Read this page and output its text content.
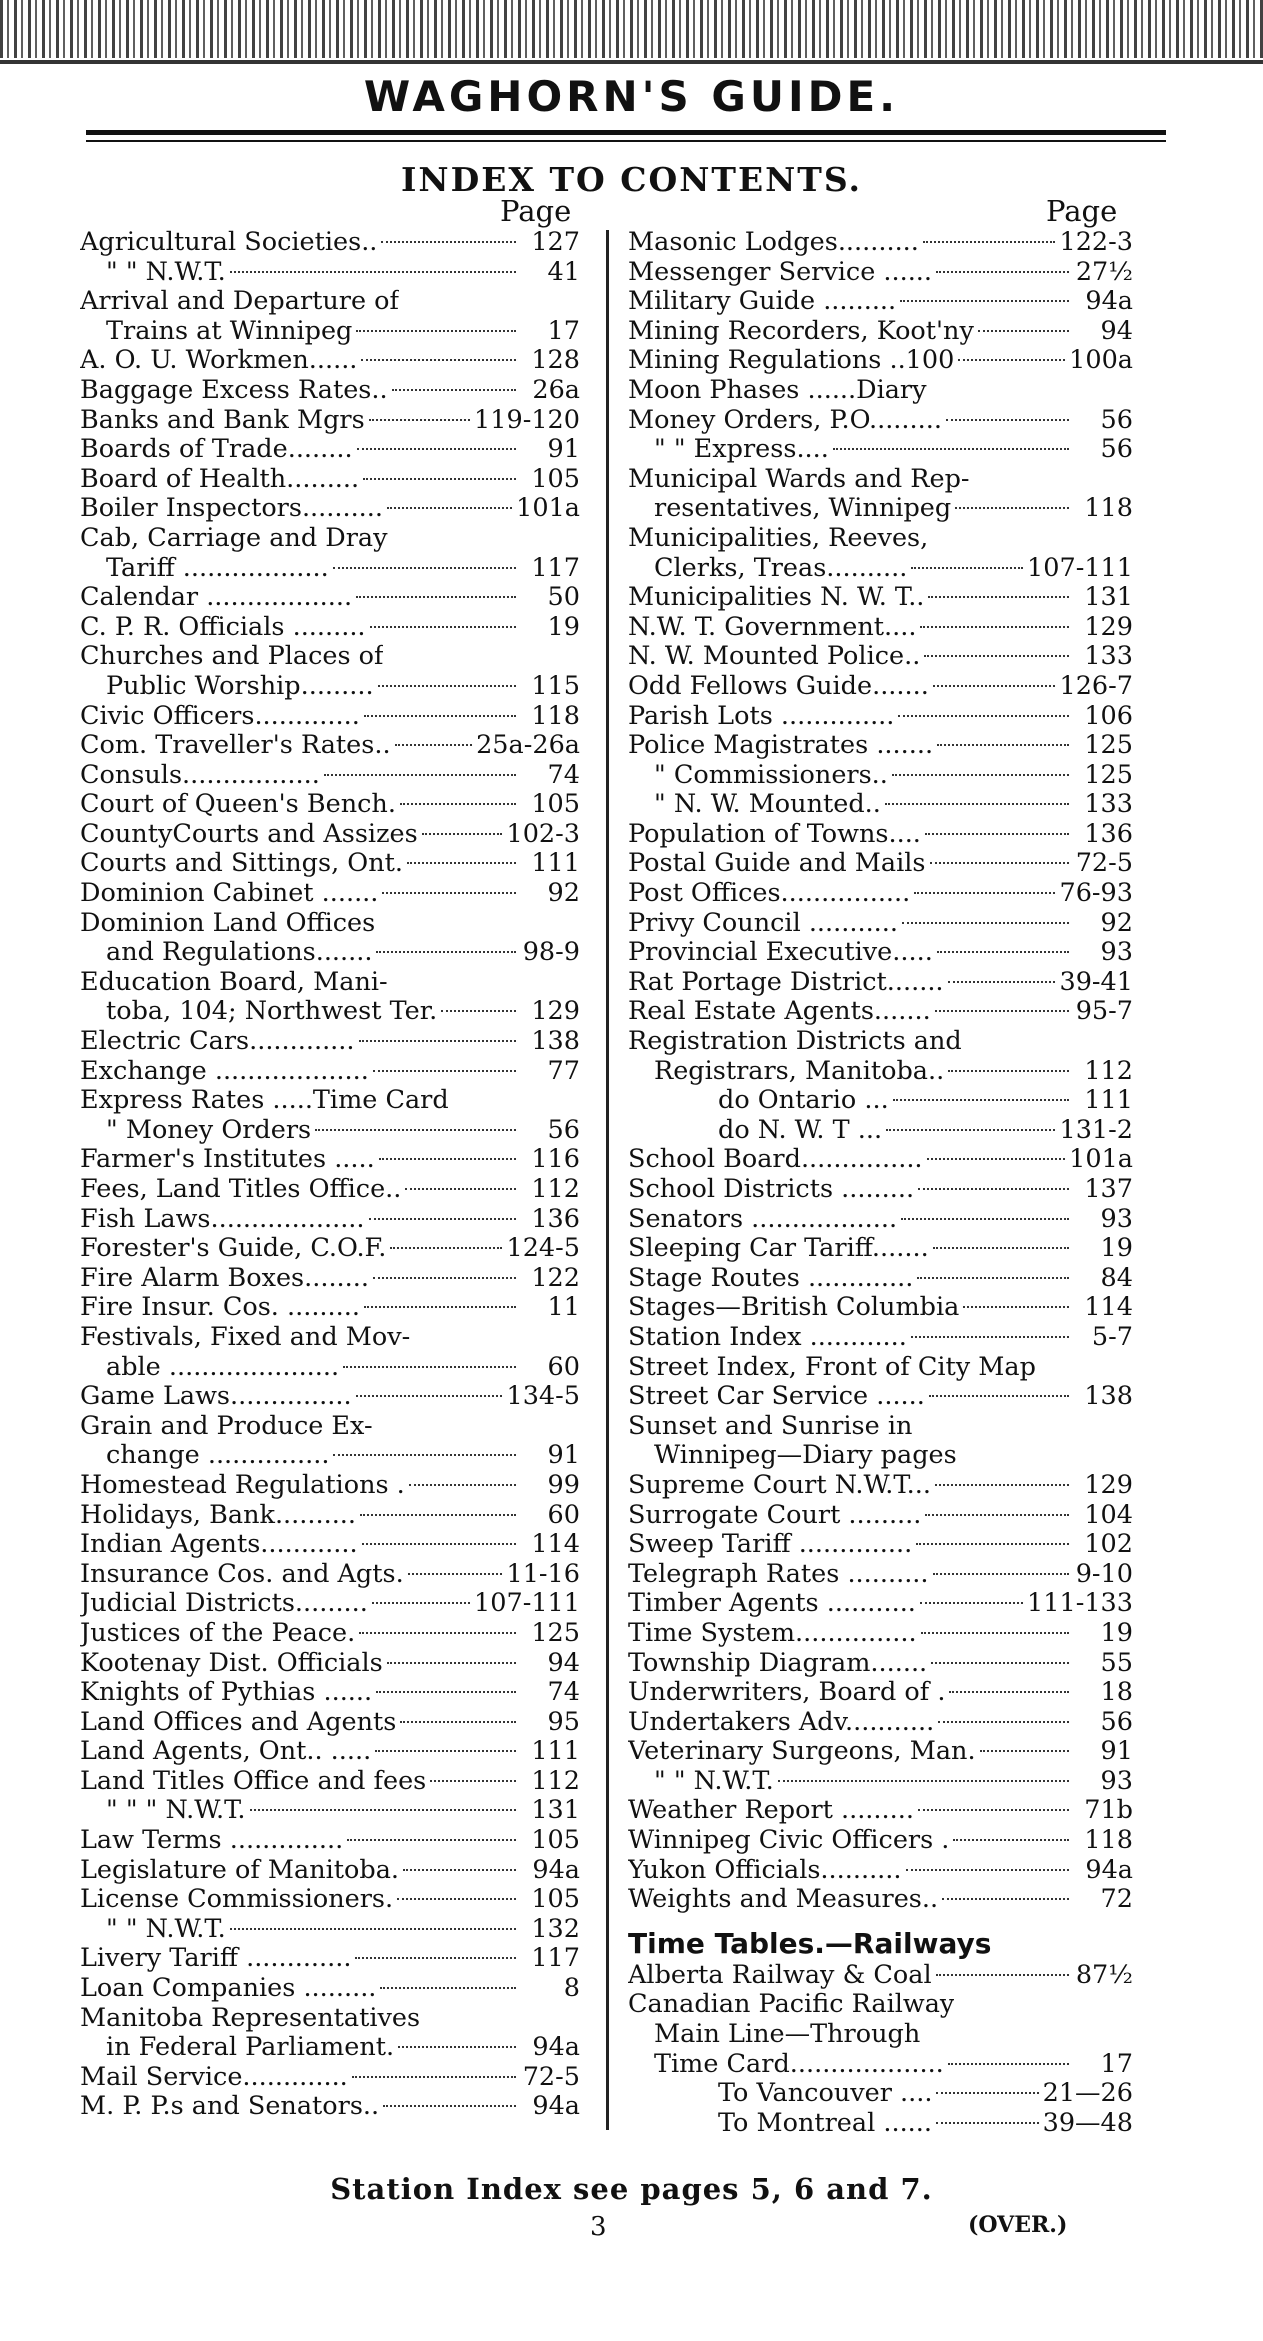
WAGHORN'S GUIDE.
INDEX TO CONTENTS.
Page	Page
Agricultural Societies..	127
" " N.W.T.	41
Arrival and Departure of
Trains at Winnipeg	17
A. O. U. Workmen......	128
Baggage Excess Rates..	26a
Banks and Bank Mgrs	119-120
Boards of Trade........	91
Board of Health.........	105
Boiler Inspectors..........	101a
Cab, Carriage and Dray
Tariff ..................	117
Calendar ..................	50
C. P. R. Officials .........	19
Churches and Places of
Public Worship.........	115
Civic Officers.............	118
Com. Traveller's Rates..	25a-26a
Consuls.................	74
Court of Queen's Bench.	105
CountyCourts and Assizes	102-3
Courts and Sittings, Ont.	111
Dominion Cabinet .......	92
Dominion Land Offices
and Regulations.......	98-9
Education Board, Mani-
toba, 104; Northwest Ter.	129
Electric Cars.............	138
Exchange ...................	77
Express Rates .....Time Card
" Money Orders	56
Farmer's Institutes .....	116
Fees, Land Titles Office..	112
Fish Laws...................	136
Forester's Guide, C.O.F.	124-5
Fire Alarm Boxes........	122
Fire Insur. Cos. .........	11
Festivals, Fixed and Mov-
able .....................	60
Game Laws...............	134-5
Grain and Produce Ex-
change ...............	91
Homestead Regulations .	99
Holidays, Bank..........	60
Indian Agents............	114
Insurance Cos. and Agts.	11-16
Judicial Districts.........	107-111
Justices of the Peace.	125
Kootenay Dist. Officials	94
Knights of Pythias ......	74
Land Offices and Agents	95
Land Agents, Ont.. .....	111
Land Titles Office and fees	112
" " " N.W.T.	131
Law Terms ..............	105
Legislature of Manitoba.	94a
License Commissioners.	105
" " N.W.T.	132
Livery Tariff .............	117
Loan Companies .........	8
Manitoba Representatives
in Federal Parliament.	94a
Mail Service.............	72-5
M. P. P.s and Senators..	94a
Masonic Lodges..........	122-3
Messenger Service ......	27½
Military Guide .........	94a
Mining Recorders, Koot'ny	94
Mining Regulations ..100	100a
Moon Phases ......Diary
Money Orders, P.O.........	56
" " Express....	56
Municipal Wards and Rep-
resentatives, Winnipeg	118
Municipalities, Reeves,
Clerks, Treas..........	107-111
Municipalities N. W. T..	131
N.W. T. Government....	129
N. W. Mounted Police..	133
Odd Fellows Guide.......	126-7
Parish Lots ..............	106
Police Magistrates .......	125
" Commissioners..	125
" N. W. Mounted..	133
Population of Towns....	136
Postal Guide and Mails	72-5
Post Offices................	76-93
Privy Council ...........	92
Provincial Executive.....	93
Rat Portage District.......	39-41
Real Estate Agents.......	95-7
Registration Districts and
Registrars, Manitoba..	112
do Ontario ...	111
do N. W. T ...	131-2
School Board...............	101a
School Districts .........	137
Senators ..................	93
Sleeping Car Tariff.......	19
Stage Routes .............	84
Stages—British Columbia	114
Station Index ............	5-7
Street Index, Front of City Map
Street Car Service ......	138
Sunset and Sunrise in
Winnipeg—Diary pages
Supreme Court N.W.T...	129
Surrogate Court .........	104
Sweep Tariff ..............	102
Telegraph Rates ..........	9-10
Timber Agents ...........	111-133
Time System...............	19
Township Diagram.......	55
Underwriters, Board of .	18
Undertakers Adv...........	56
Veterinary Surgeons, Man.	91
" " N.W.T.	93
Weather Report .........	71b
Winnipeg Civic Officers .	118
Yukon Officials..........	94a
Weights and Measures..	72
Time Tables.—Railways
Alberta Railway & Coal	87½
Canadian Pacific Railway
Main Line—Through
Time Card...................	17
To Vancouver ....	21—26
To Montreal ......	39—48
Station Index see pages 5, 6 and 7.
3	(OVER.)
